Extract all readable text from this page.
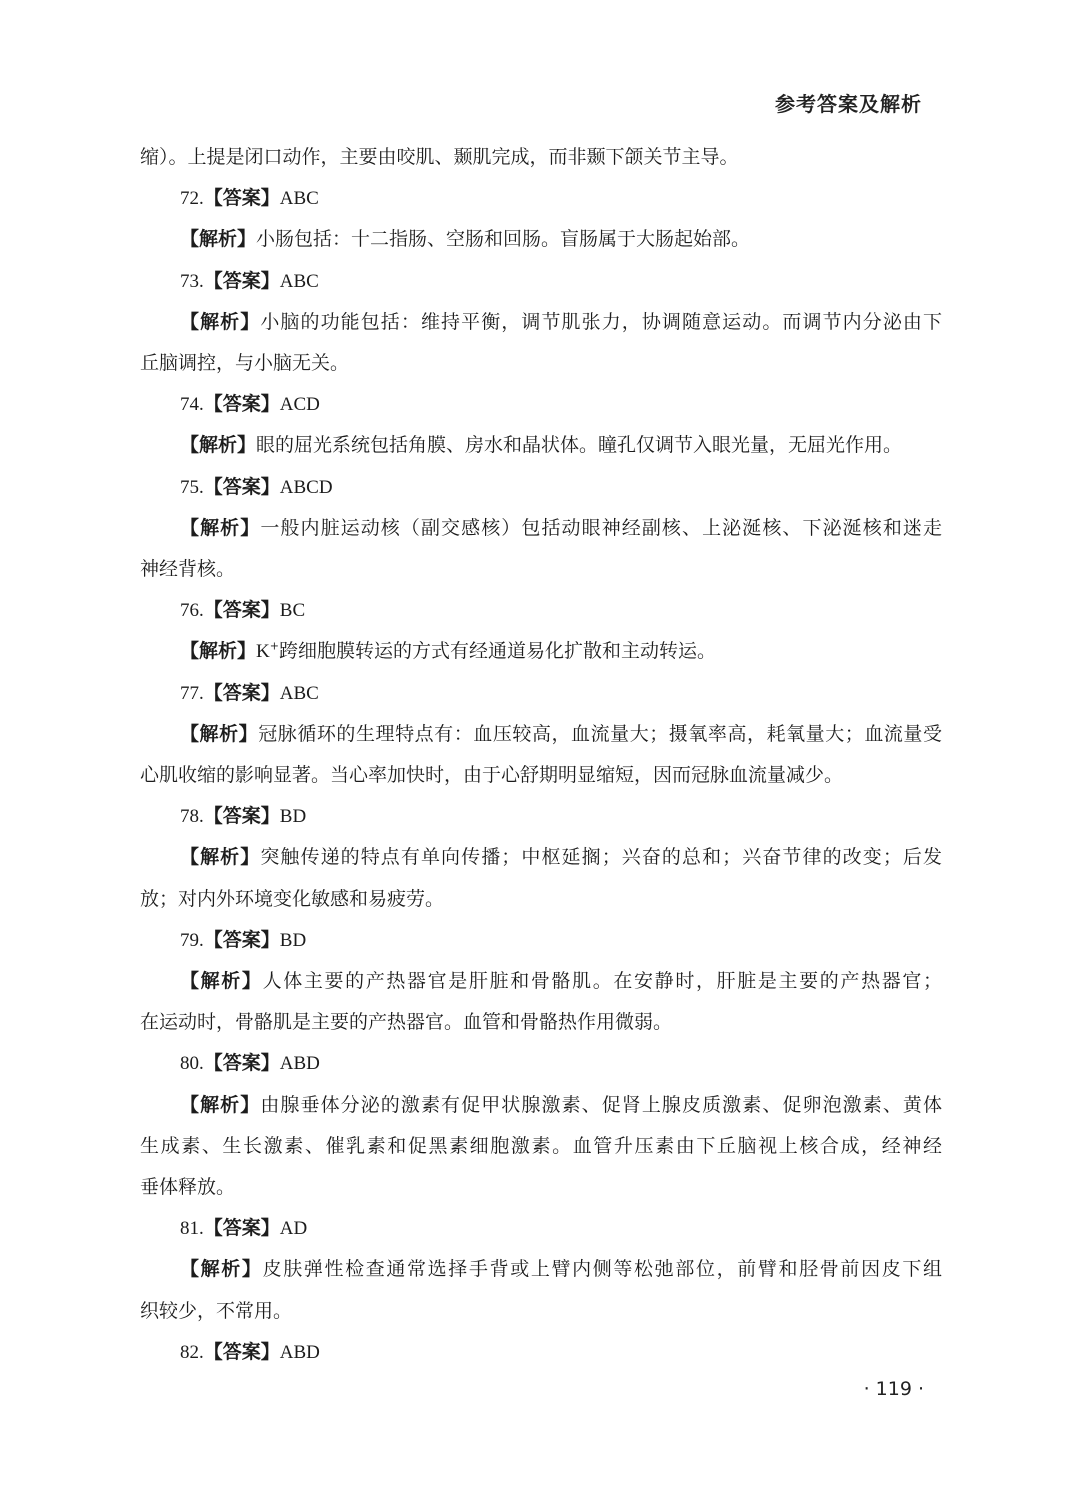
参考答案及解析
缩）。上提是闭口动作，主要由咬肌、颞肌完成，而非颞下颌关节主导。
72.【答案】ABC
【解析】小肠包括：十二指肠、空肠和回肠。盲肠属于大肠起始部。
73.【答案】ABC
【解析】小脑的功能包括：维持平衡，调节肌张力，协调随意运动。而调节内分泌由下
丘脑调控，与小脑无关。
74.【答案】ACD
【解析】眼的屈光系统包括角膜、房水和晶状体。瞳孔仅调节入眼光量，无屈光作用。
75.【答案】ABCD
【解析】一般内脏运动核（副交感核）包括动眼神经副核、上泌涎核、下泌涎核和迷走
神经背核。
76.【答案】BC
【解析】K+跨细胞膜转运的方式有经通道易化扩散和主动转运。
77.【答案】ABC
【解析】冠脉循环的生理特点有：血压较高，血流量大；摄氧率高，耗氧量大；血流量受
心肌收缩的影响显著。当心率加快时，由于心舒期明显缩短，因而冠脉血流量减少。
78.【答案】BD
【解析】突触传递的特点有单向传播；中枢延搁；兴奋的总和；兴奋节律的改变；后发
放；对内外环境变化敏感和易疲劳。
79.【答案】BD
【解析】人体主要的产热器官是肝脏和骨骼肌。在安静时，肝脏是主要的产热器官；
在运动时，骨骼肌是主要的产热器官。血管和骨骼热作用微弱。
80.【答案】ABD
【解析】由腺垂体分泌的激素有促甲状腺激素、促肾上腺皮质激素、促卵泡激素、黄体
生成素、生长激素、催乳素和促黑素细胞激素。血管升压素由下丘脑视上核合成，经神经
垂体释放。
81.【答案】AD
【解析】皮肤弹性检查通常选择手背或上臂内侧等松弛部位，前臂和胫骨前因皮下组
织较少，不常用。
82.【答案】ABD
· 119 ·
